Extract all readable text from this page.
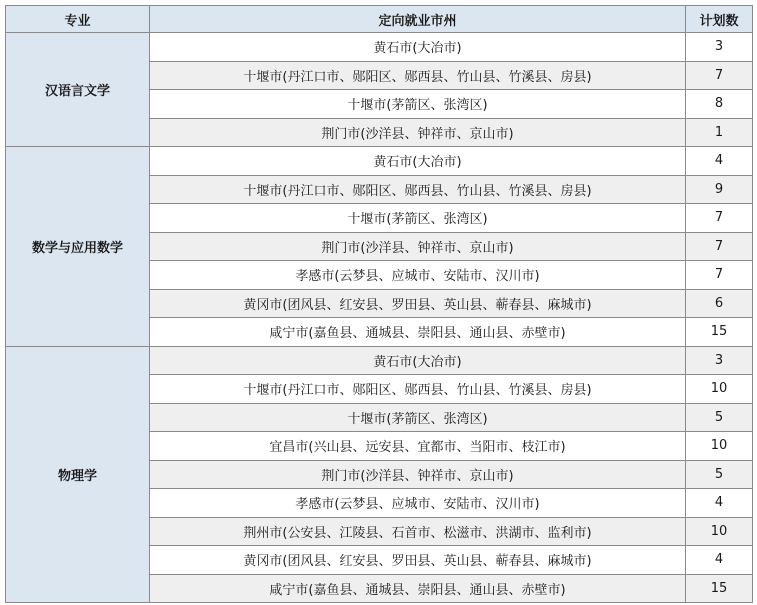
专业	定向就业市州	计划数
汉语言文学	黄石市(大冶市)	3
	十堰市(丹江口市、郧阳区、郧西县、竹山县、竹溪县、房县)	7
	十堰市(茅箭区、张湾区)	8
	荆门市(沙洋县、钟祥市、京山市)	1
数学与应用数学	黄石市(大冶市)	4
	十堰市(丹江口市、郧阳区、郧西县、竹山县、竹溪县、房县)	9
	十堰市(茅箭区、张湾区)	7
	荆门市(沙洋县、钟祥市、京山市)	7
	孝感市(云梦县、应城市、安陆市、汉川市)	7
	黄冈市(团风县、红安县、罗田县、英山县、蕲春县、麻城市)	6
	咸宁市(嘉鱼县、通城县、崇阳县、通山县、赤壁市)	15
物理学	黄石市(大冶市)	3
	十堰市(丹江口市、郧阳区、郧西县、竹山县、竹溪县、房县)	10
	十堰市(茅箭区、张湾区)	5
	宜昌市(兴山县、远安县、宜都市、当阳市、枝江市)	10
	荆门市(沙洋县、钟祥市、京山市)	5
	孝感市(云梦县、应城市、安陆市、汉川市)	4
	荆州市(公安县、江陵县、石首市、松滋市、洪湖市、监利市)	10
	黄冈市(团风县、红安县、罗田县、英山县、蕲春县、麻城市)	4
	咸宁市(嘉鱼县、通城县、崇阳县、通山县、赤壁市)	15
